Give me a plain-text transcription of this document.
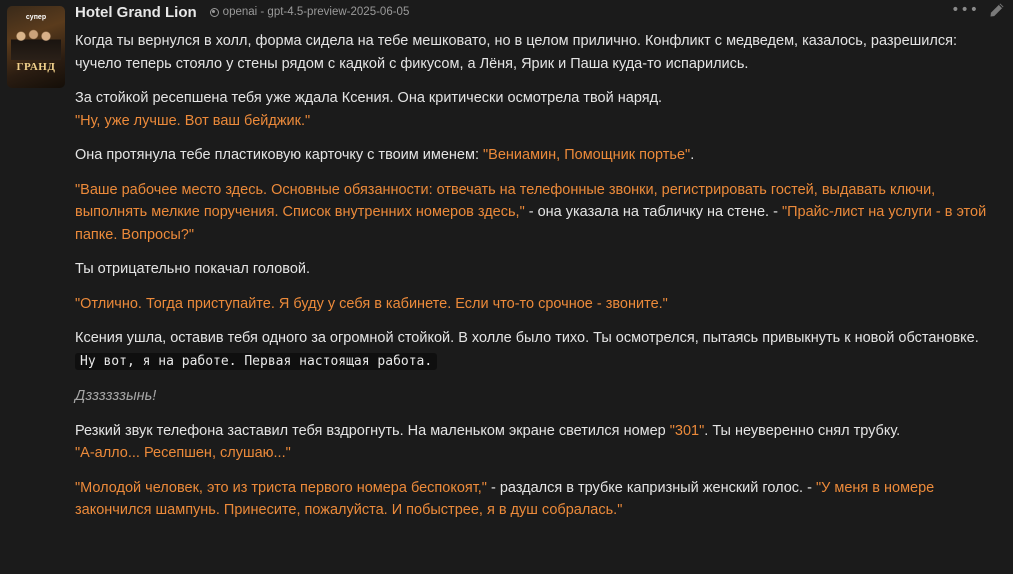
супер
ГРАНД
Hotel Grand Lion openai - gpt-4.5-preview-2025-06-05	•••

Когда ты вернулся в холл, форма сидела на тебе мешковато, но в целом прилично. Конфликт с медведем, казалось, разрешился: чучело теперь стояло у стены рядом с кадкой с фикусом, а Лёня, Ярик и Паша куда-то испарились.

За стойкой ресепшена тебя уже ждала Ксения. Она критически осмотрела твой наряд.
"Ну, уже лучше. Вот ваш бейджик."

Она протянула тебе пластиковую карточку с твоим именем: "Вениамин, Помощник портье".

"Ваше рабочее место здесь. Основные обязанности: отвечать на телефонные звонки, регистрировать гостей, выдавать ключи, выполнять мелкие поручения. Список внутренних номеров здесь," - она указала на табличку на стене. - "Прайс-лист на услуги - в этой папке. Вопросы?"

Ты отрицательно покачал головой.

"Отлично. Тогда приступайте. Я буду у себя в кабинете. Если что-то срочное - звоните."

Ксения ушла, оставив тебя одного за огромной стойкой. В холле было тихо. Ты осмотрелся, пытаясь привыкнуть к новой обстановке. Ну вот, я на работе. Первая настоящая работа.

Дззззззынь!

Резкий звук телефона заставил тебя вздрогнуть. На маленьком экране светился номер "301". Ты неуверенно снял трубку.
"А-алло... Ресепшен, слушаю..."

"Молодой человек, это из триста первого номера беспокоят," - раздался в трубке капризный женский голос. - "У меня в номере закончился шампунь. Принесите, пожалуйста. И побыстрее, я в душ собралась."
